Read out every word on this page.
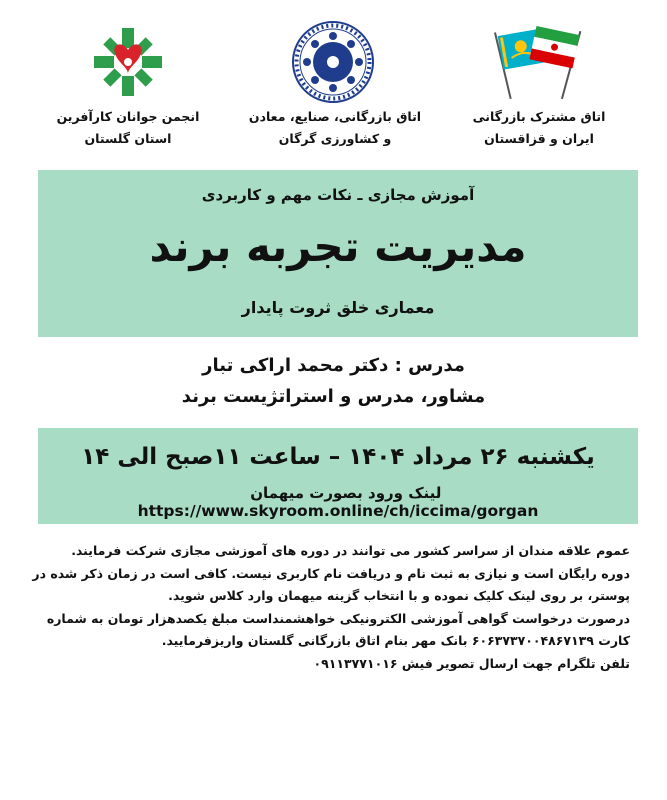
انجمن جوانان کارآفرین
استان گلستان
اتاق بازرگانی، صنایع، معادن
و کشاورزی گرگان
اتاق مشترک بازرگانی
ایران و قزاقستان
آموزش مجازی ـ نکات مهم و کاربردی
مدیریت تجربه برند
معماری خلق ثروت پایدار
مدرس : دکتر محمد اراکی تبار
مشاور، مدرس و استراتژیست برند
یکشنبه ۲۶ مرداد ۱۴۰۴ – ساعت ۱۱صبح الی ۱۴
لینک ورود بصورت میهمان    https://www.skyroom.online/ch/iccima/gorgan
عموم علاقه مندان از سراسر کشور می توانند در دوره های آموزشی مجازی شرکت فرمایند.
دوره رایگان است و نیازی به ثبت نام و دریافت نام کاربری نیست. کافی است در زمان ذکر شده در
پوستر، بر روی لینک کلیک نموده و با انتخاب گزینه میهمان وارد کلاس شوید.
درصورت درخواست گواهی آموزشی الکترونیکی خواهشمنداست مبلغ یکصدهزار تومان به شماره
کارت ۶۰۶۳۷۳۷۰۰۴۸۶۷۱۳۹ بانک مهر بنام اتاق بازرگانی گلستان واریزفرمایید.
تلفن تلگرام جهت ارسال تصویر فیش ۰۹۱۱۳۷۷۱۰۱۶
